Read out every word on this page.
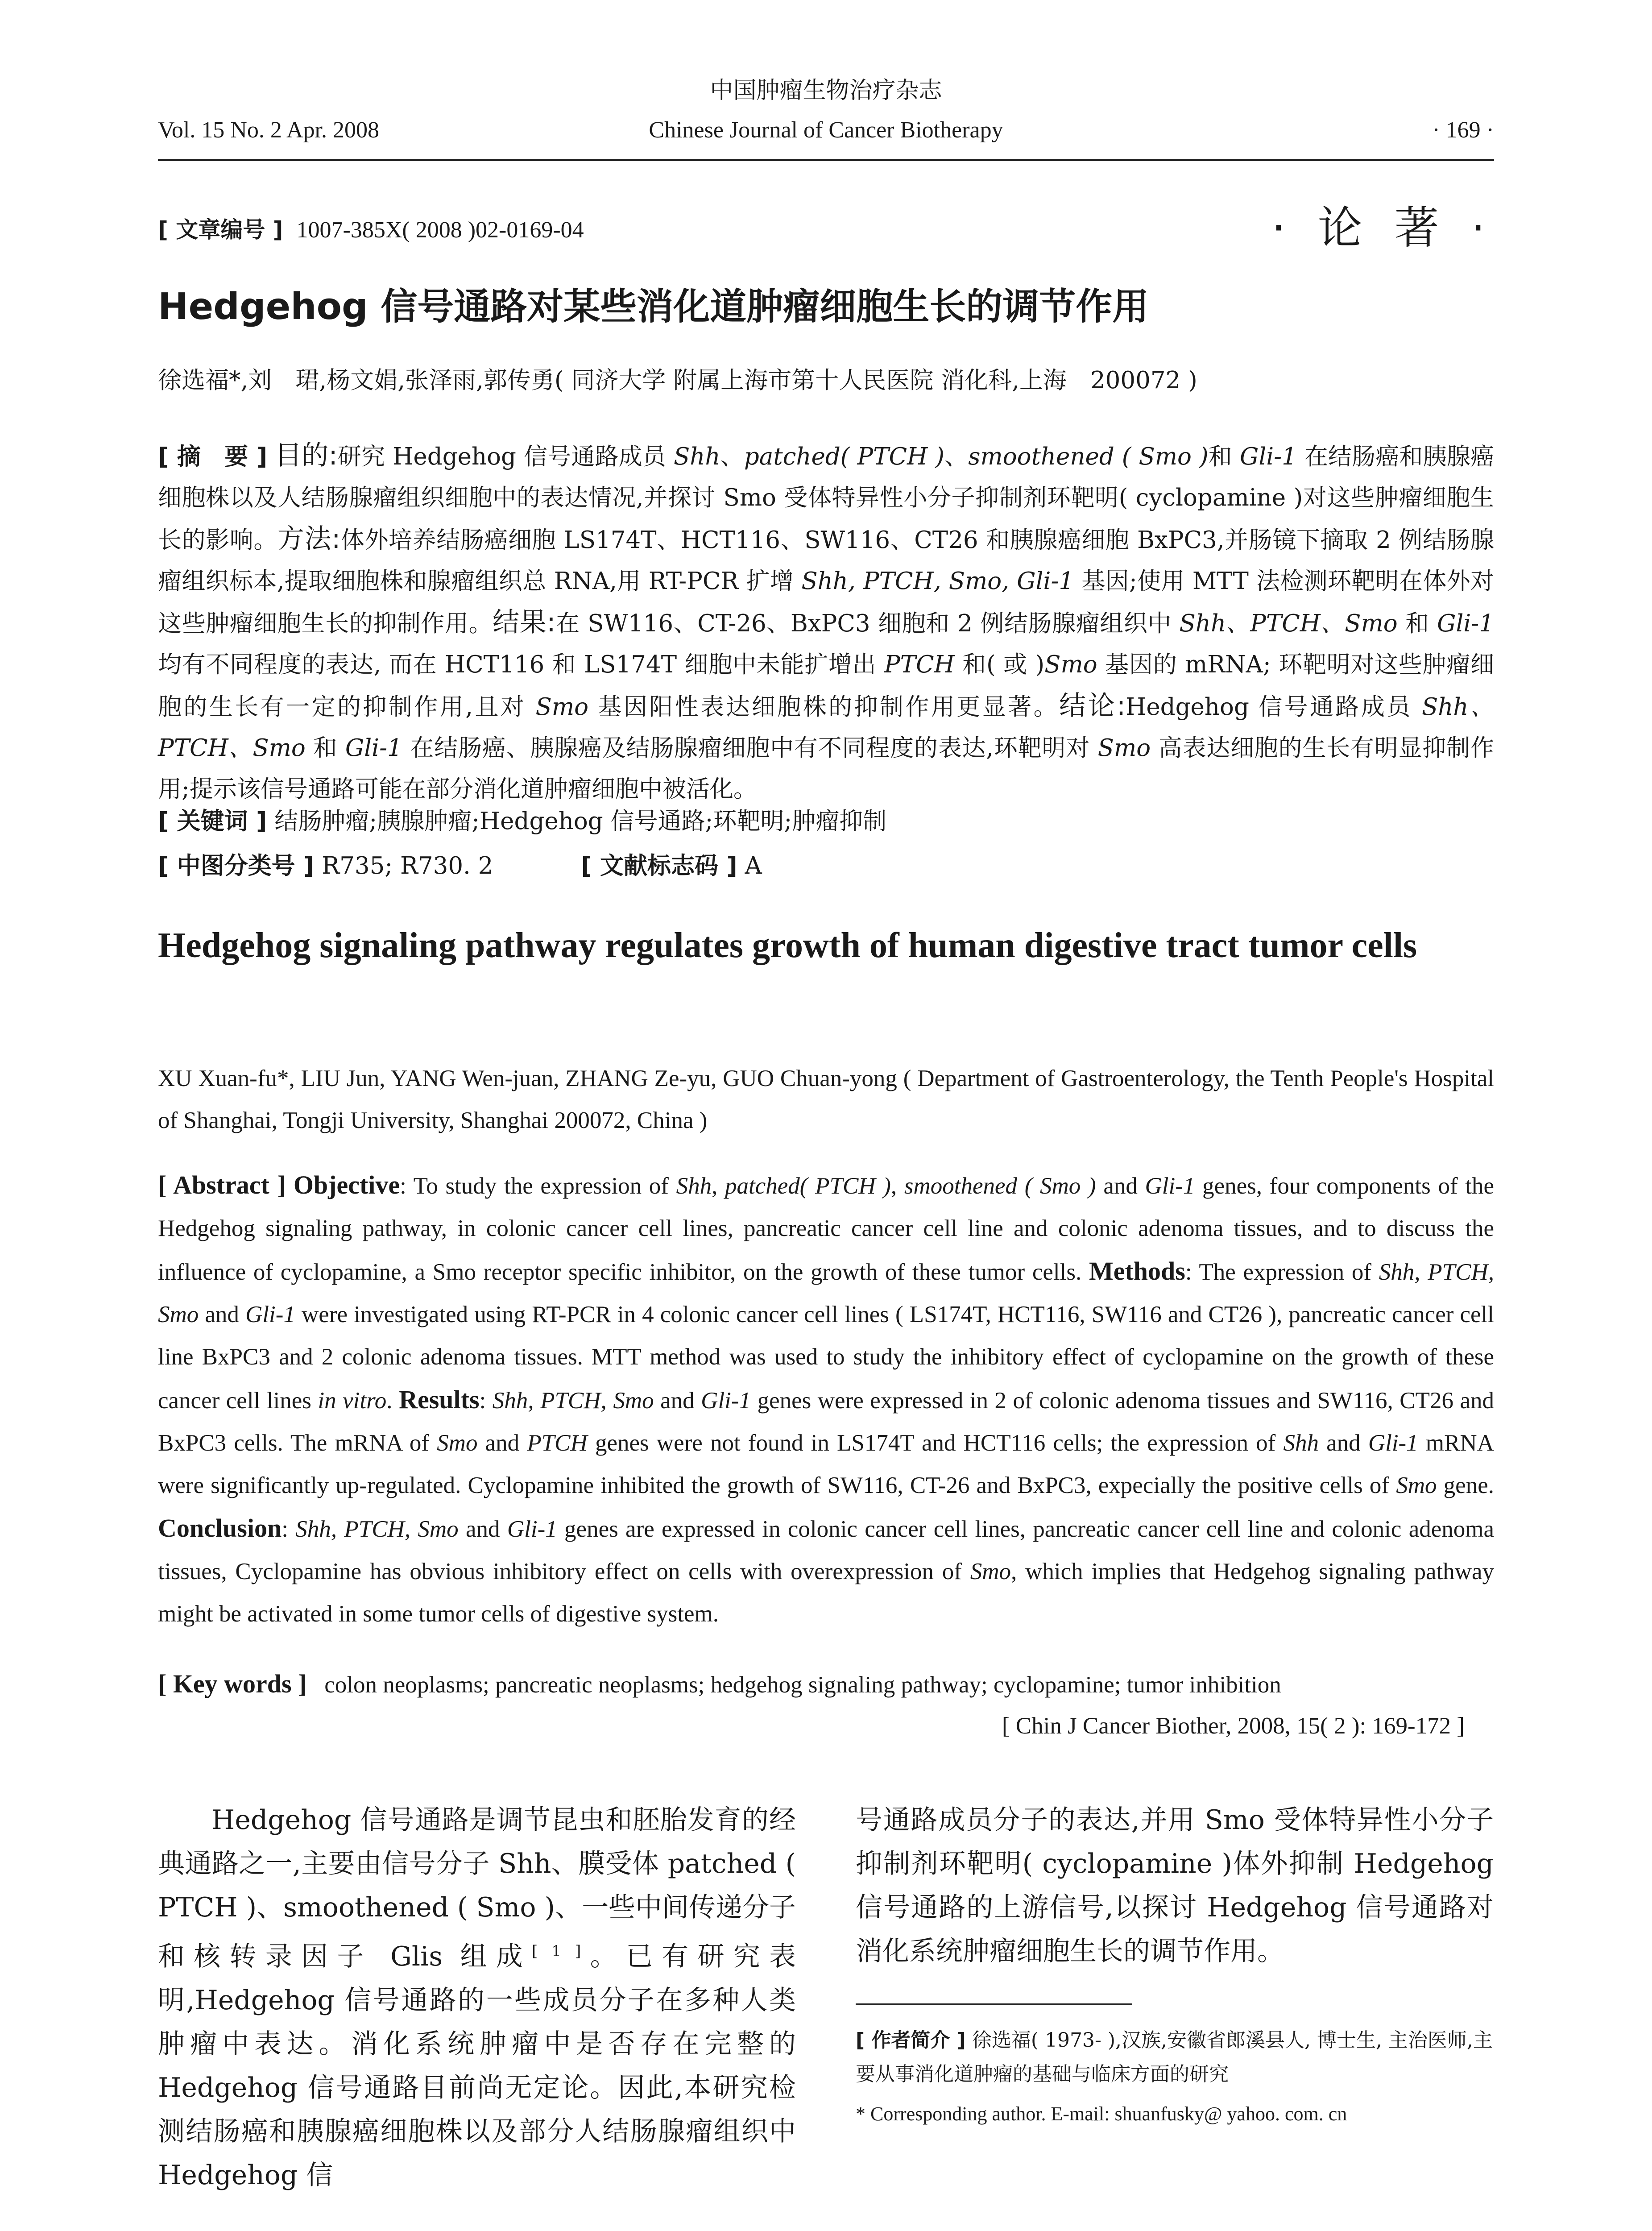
中国肿瘤生物治疗杂志
Vol. 15 No. 2 Apr. 2008	Chinese Journal of Cancer Biotherapy	· 169 ·
[ 文章编号 ] 1007-385X( 2008 )02-0169-04	· 论 著 ·
Hedgehog 信号通路对某些消化道肿瘤细胞生长的调节作用
徐选福*,刘　珺,杨文娟,张泽雨,郭传勇( 同济大学 附属上海市第十人民医院 消化科,上海　200072 )
[ 摘　要 ] 目的:研究 Hedgehog 信号通路成员 Shh、patched( PTCH )、smoothened ( Smo )和 Gli-1 在结肠癌和胰腺癌细胞株以及人结肠腺瘤组织细胞中的表达情况,并探讨 Smo 受体特异性小分子抑制剂环靶明( cyclopamine )对这些肿瘤细胞生长的影响。方法:体外培养结肠癌细胞 LS174T、HCT116、SW116、CT26 和胰腺癌细胞 BxPC3,并肠镜下摘取 2 例结肠腺瘤组织标本,提取细胞株和腺瘤组织总 RNA,用 RT-PCR 扩增 Shh, PTCH, Smo, Gli-1 基因;使用 MTT 法检测环靶明在体外对这些肿瘤细胞生长的抑制作用。结果:在 SW116、CT-26、BxPC3 细胞和 2 例结肠腺瘤组织中 Shh、PTCH、Smo 和 Gli-1 均有不同程度的表达, 而在 HCT116 和 LS174T 细胞中未能扩增出 PTCH 和( 或 )Smo 基因的 mRNA; 环靶明对这些肿瘤细胞的生长有一定的抑制作用,且对 Smo 基因阳性表达细胞株的抑制作用更显著。结论:Hedgehog 信号通路成员 Shh、PTCH、Smo 和 Gli-1 在结肠癌、胰腺癌及结肠腺瘤细胞中有不同程度的表达,环靶明对 Smo 高表达细胞的生长有明显抑制作用;提示该信号通路可能在部分消化道肿瘤细胞中被活化。
[ 关键词 ] 结肠肿瘤;胰腺肿瘤;Hedgehog 信号通路;环靶明;肿瘤抑制
[ 中图分类号 ] R735; R730. 2	[ 文献标志码 ] A
Hedgehog signaling pathway regulates growth of human digestive tract tumor cells
XU Xuan-fu*, LIU Jun, YANG Wen-juan, ZHANG Ze-yu, GUO Chuan-yong ( Department of Gastroenterology, the Tenth People's Hospital of Shanghai, Tongji University, Shanghai 200072, China )
[ Abstract ] Objective: To study the expression of Shh, patched( PTCH ), smoothened ( Smo ) and Gli-1 genes, four components of the Hedgehog signaling pathway, in colonic cancer cell lines, pancreatic cancer cell line and colonic adenoma tissues, and to discuss the influence of cyclopamine, a Smo receptor specific inhibitor, on the growth of these tumor cells. Methods: The expression of Shh, PTCH, Smo and Gli-1 were investigated using RT-PCR in 4 colonic cancer cell lines ( LS174T, HCT116, SW116 and CT26 ), pancreatic cancer cell line BxPC3 and 2 colonic adenoma tissues. MTT method was used to study the inhibitory effect of cyclopamine on the growth of these cancer cell lines in vitro. Results: Shh, PTCH, Smo and Gli-1 genes were expressed in 2 of colonic adenoma tissues and SW116, CT26 and BxPC3 cells. The mRNA of Smo and PTCH genes were not found in LS174T and HCT116 cells; the expression of Shh and Gli-1 mRNA were significantly up-regulated. Cyclopamine inhibited the growth of SW116, CT-26 and BxPC3, expecially the positive cells of Smo gene. Conclusion: Shh, PTCH, Smo and Gli-1 genes are expressed in colonic cancer cell lines, pancreatic cancer cell line and colonic adenoma tissues, Cyclopamine has obvious inhibitory effect on cells with overexpression of Smo, which implies that Hedgehog signaling pathway might be activated in some tumor cells of digestive system.
[ Key words ] colon neoplasms; pancreatic neoplasms; hedgehog signaling pathway; cyclopamine; tumor inhibition
[ Chin J Cancer Biother, 2008, 15( 2 ): 169-172 ]
Hedgehog 信号通路是调节昆虫和胚胎发育的经典通路之一,主要由信号分子 Shh、膜受体 patched ( PTCH )、smoothened ( Smo )、一些中间传递分子和核转录因子 Glis 组成[ 1 ]。已有研究表明,Hedgehog 信号通路的一些成员分子在多种人类肿瘤中表达。消化系统肿瘤中是否存在完整的 Hedgehog 信号通路目前尚无定论。因此,本研究检测结肠癌和胰腺癌细胞株以及部分人结肠腺瘤组织中 Hedgehog 信
号通路成员分子的表达,并用 Smo 受体特异性小分子抑制剂环靶明( cyclopamine )体外抑制 Hedgehog 信号通路的上游信号,以探讨 Hedgehog 信号通路对消化系统肿瘤细胞生长的调节作用。
[ 作者简介 ] 徐选福( 1973- ),汉族,安徽省郎溪县人, 博士生, 主治医师,主要从事消化道肿瘤的基础与临床方面的研究
* Corresponding author. E-mail: shuanfusky@ yahoo. com. cn
